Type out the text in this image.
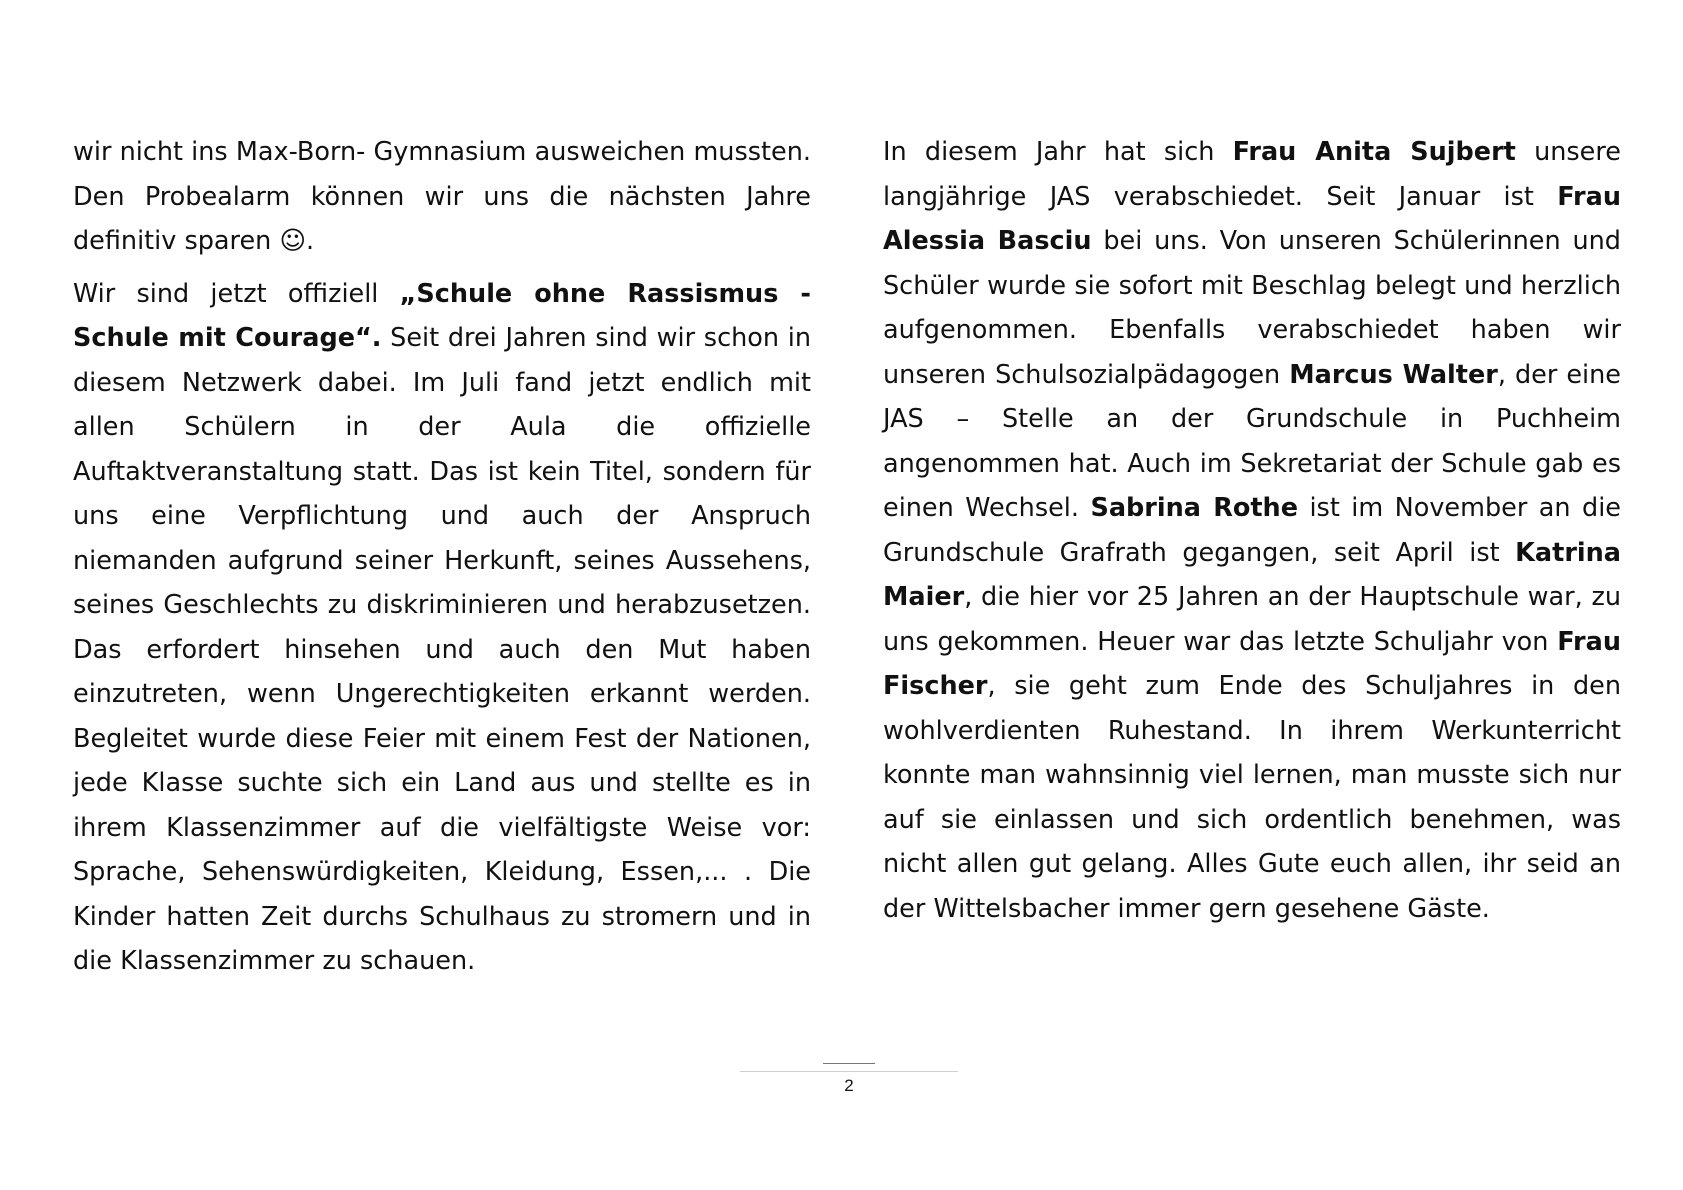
wir nicht ins Max-Born- Gymnasium ausweichen mussten. Den Probealarm können wir uns die nächsten Jahre definitiv sparen ☺.

Wir sind jetzt offiziell „Schule ohne Rassismus - Schule mit Courage“. Seit drei Jahren sind wir schon in diesem Netzwerk dabei. Im Juli fand jetzt endlich mit allen Schülern in der Aula die offizielle Auftaktveranstaltung statt. Das ist kein Titel, sondern für uns eine Verpflichtung und auch der Anspruch niemanden aufgrund seiner Herkunft, seines Aussehens, seines Geschlechts zu diskriminieren und herabzusetzen. Das erfordert hinsehen und auch den Mut haben einzutreten, wenn Ungerechtigkeiten erkannt werden. Begleitet wurde diese Feier mit einem Fest der Nationen, jede Klasse suchte sich ein Land aus und stellte es in ihrem Klassenzimmer auf die vielfältigste Weise vor: Sprache, Sehenswürdigkeiten, Kleidung, Essen,... . Die Kinder hatten Zeit durchs Schulhaus zu stromern und in die Klassenzimmer zu schauen.

In diesem Jahr hat sich Frau Anita Sujbert unsere langjährige JAS verabschiedet. Seit Januar ist Frau Alessia Basciu bei uns. Von unseren Schülerinnen und Schüler wurde sie sofort mit Beschlag belegt und herzlich aufgenommen. Ebenfalls verabschiedet haben wir unseren Schulsozialpädagogen Marcus Walter, der eine JAS – Stelle an der Grundschule in Puchheim angenommen hat. Auch im Sekretariat der Schule gab es einen Wechsel. Sabrina Rothe ist im November an die Grundschule Grafrath gegangen, seit April ist Katrina Maier, die hier vor 25 Jahren an der Hauptschule war, zu uns gekommen. Heuer war das letzte Schuljahr von Frau Fischer, sie geht zum Ende des Schuljahres in den wohlverdienten Ruhestand. In ihrem Werkunterricht konnte man wahnsinnig viel lernen, man musste sich nur auf sie einlassen und sich ordentlich benehmen, was nicht allen gut gelang. Alles Gute euch allen, ihr seid an der Wittelsbacher immer gern gesehene Gäste.

2
